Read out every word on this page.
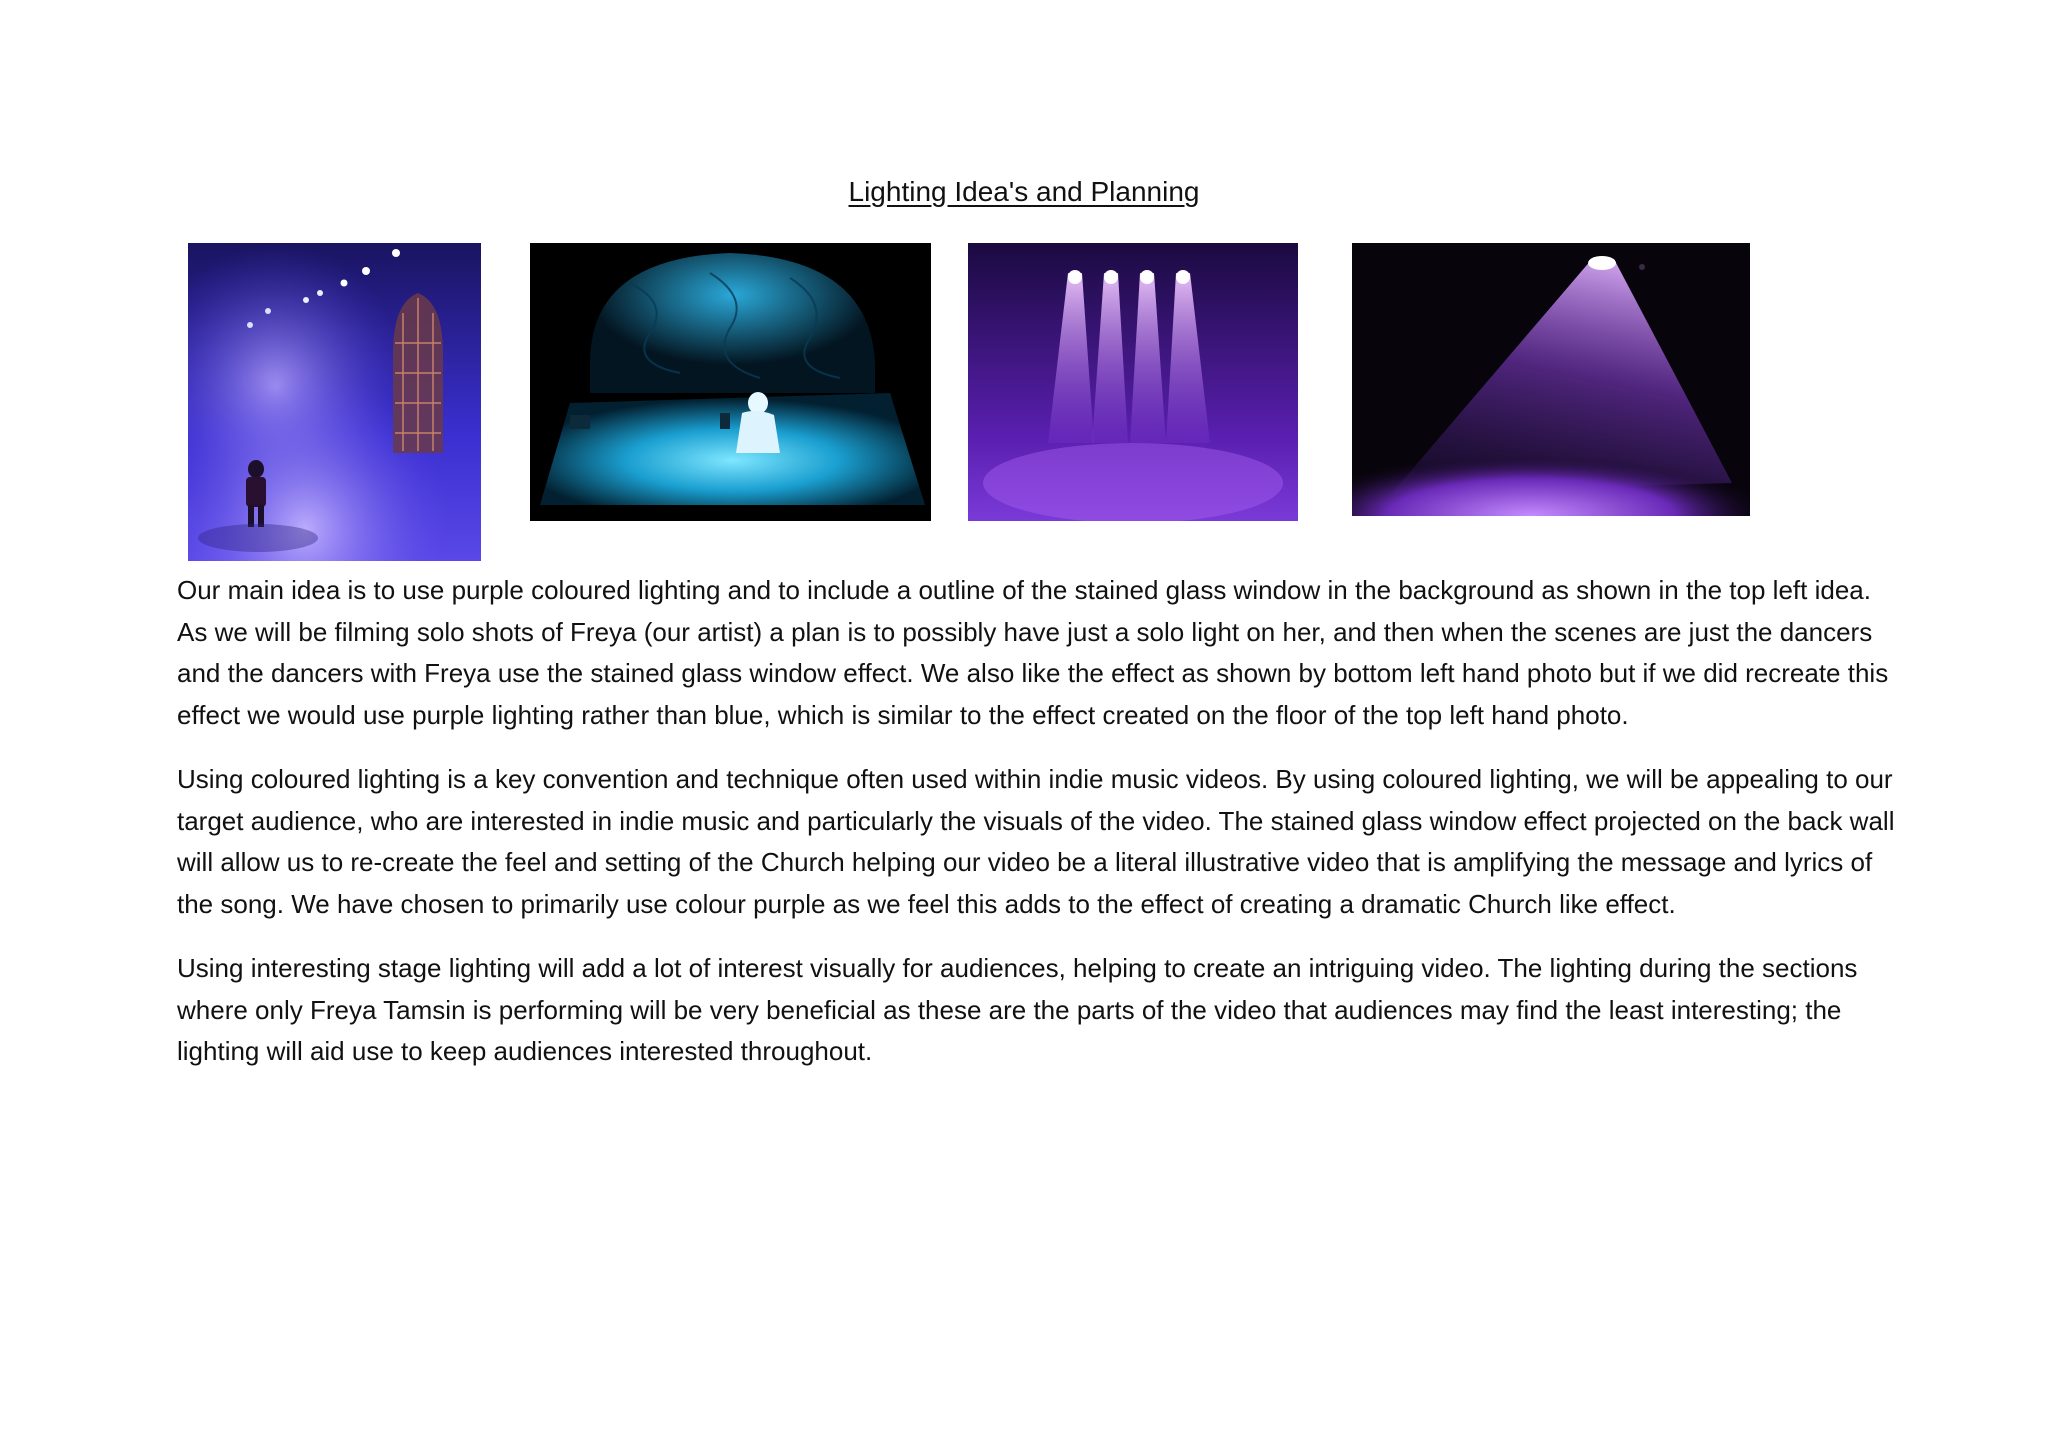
Lighting Idea's and Planning

Our main idea is to use purple coloured lighting and to include a outline of the stained glass window in the background as shown in the top left idea. As we will be filming solo shots of Freya (our artist) a plan is to possibly have just a solo light on her, and then when the scenes are just the dancers and the dancers with Freya use the stained glass window effect. We also like the effect as shown by bottom left hand photo but if we did recreate this effect we would use purple lighting rather than blue, which is similar to the effect created on the floor of the top left hand photo.

Using coloured lighting is a key convention and technique often used within indie music videos. By using coloured lighting, we will be appealing to our target audience, who are interested in indie music and particularly the visuals of the video. The stained glass window effect projected on the back wall will allow us to re-create the feel and setting of the Church helping our video be a literal illustrative video that is amplifying the message and lyrics of the song. We have chosen to primarily use colour purple as we feel this adds to the effect of creating a dramatic Church like effect.

Using interesting stage lighting will add a lot of interest visually for audiences, helping to create an intriguing video. The lighting during the sections where only Freya Tamsin is performing will be very beneficial as these are the parts of the video that audiences may find the least interesting; the lighting will aid use to keep audiences interested throughout.
